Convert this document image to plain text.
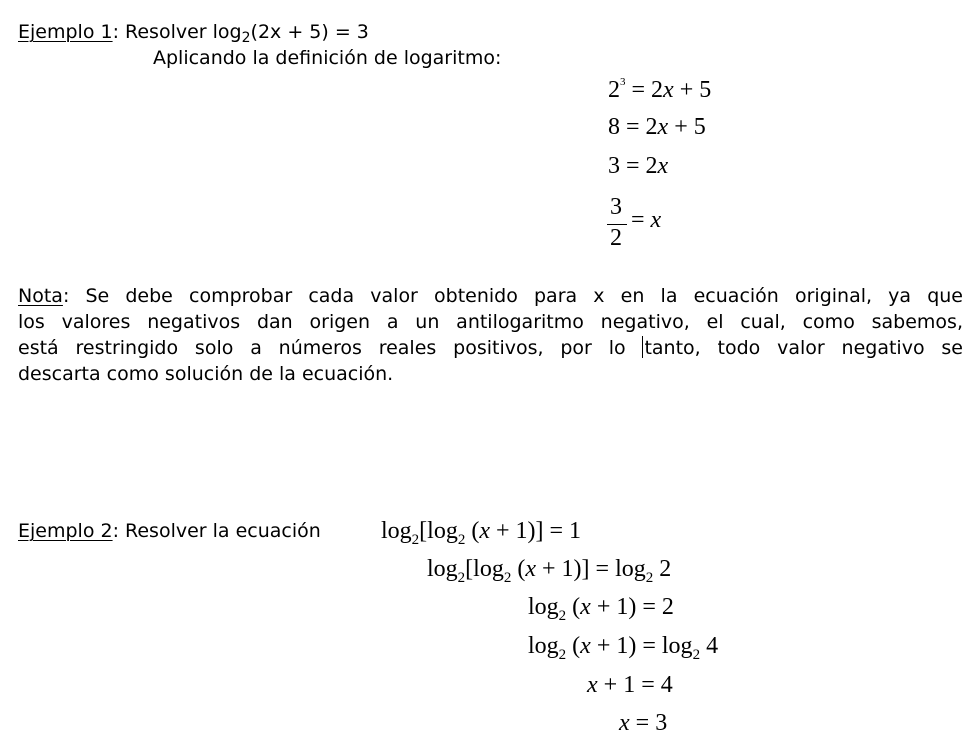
Ejemplo 1: Resolver $\log_2(2x + 5) = 3$
Aplicando la definición de logaritmo:
$2^3 = 2x + 5$
8 = 2x + 5
3 = 2x
3
2
= x
Nota: Se debe comprobar cada valor obtenido para x en la ecuación original, ya que
los valores negativos dan origen a un antilogaritmo negativo, el cual, como sabemos,
está restringido solo a números reales positivos, por lo tanto, todo valor negativo se
descarta como solución de la ecuación.
Ejemplo 2: Resolver la ecuación	$\log_2[\log_2$ (x + 1)] = 1
$\log_2[\log_2$ $(x + 1)] = \log_2 2$
$\log_2 (x + 1) = 2$
$\log_2 (x + 1) = \log_2 4$
x + 1 = 4
x = 3
